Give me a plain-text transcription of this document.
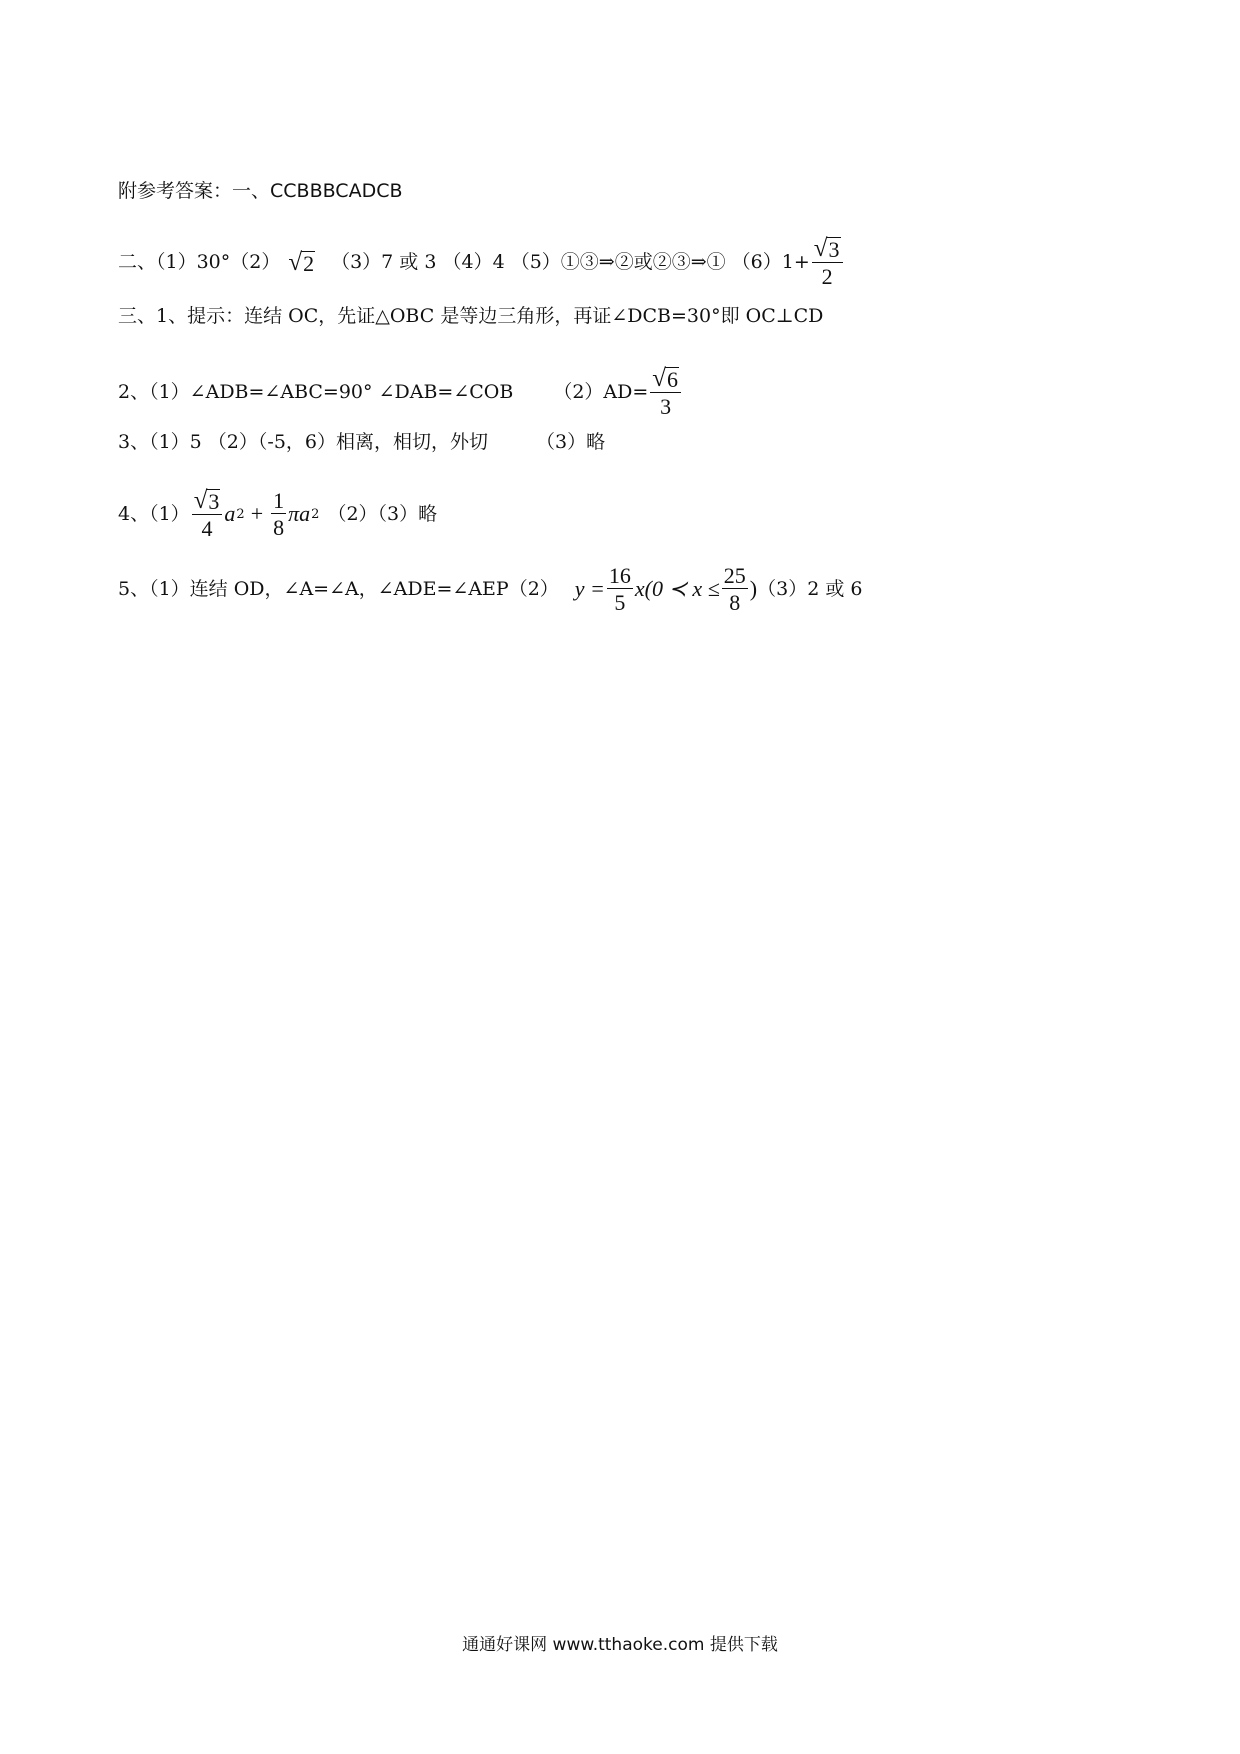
附参考答案：一、CCBBBCADCB
二、（1）30°（2） √ 2 （3）7 或 3 （4）4 （5）①③⇒②或②③⇒① $(6)1+ \frac{√ 3}{2}$
三、1、提示：连结 OC，先证△OBC 是等边三角形，再证∠DCB=30°即 OC⊥CD
2、（1）∠ADB=∠ABC=90° ∠DAB=∠COB $(2)AD= \frac{√ 6}{3}$
3、（1）5 （2）（-5，6）相离，相切，外切	（3）略
4、$(1) \frac{√ 3}{4}$ a $2 + \frac{1}{8}$ πa 2 （2）（3）略
5、（1）连结 OD，∠A=∠A，∠ADE=∠AEP（2） $y = \frac{16}{5} x(0$ ≺ $x \le \frac{25}{8}$ ) （3）2 或 6
通通好课网 www.tthaoke.com 提供下载
